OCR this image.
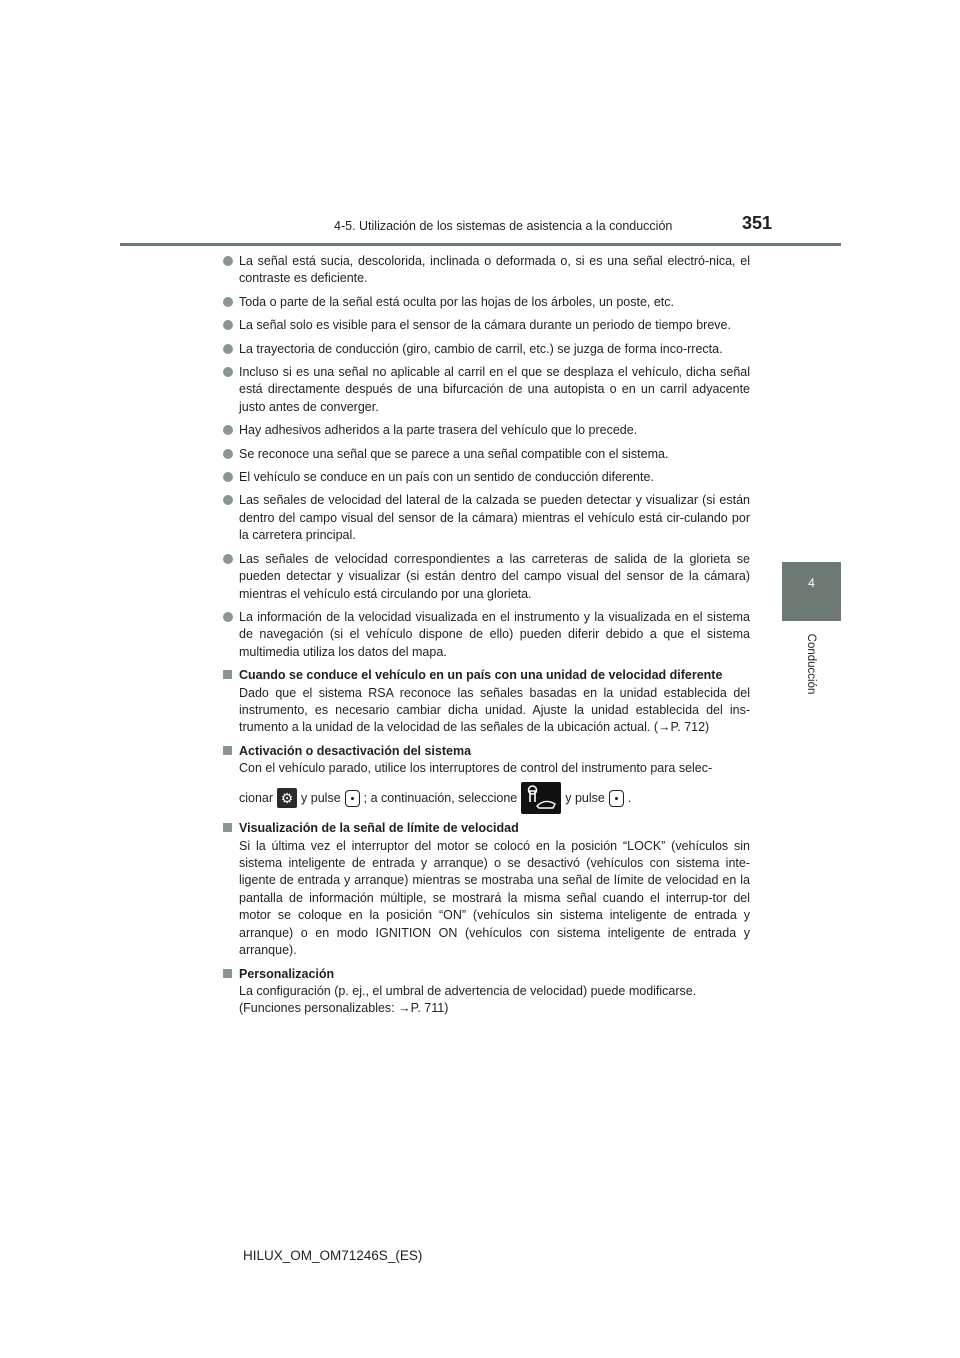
4-5. Utilización de los sistemas de asistencia a la conducción	351
4
Conducción
La señal está sucia, descolorida, inclinada o deformada o, si es una señal electró-nica, el contraste es deficiente.
Toda o parte de la señal está oculta por las hojas de los árboles, un poste, etc.
La señal solo es visible para el sensor de la cámara durante un periodo de tiempo breve.
La trayectoria de conducción (giro, cambio de carril, etc.) se juzga de forma inco-rrecta.
Incluso si es una señal no aplicable al carril en el que se desplaza el vehículo, dicha señal está directamente después de una bifurcación de una autopista o en un carril adyacente justo antes de converger.
Hay adhesivos adheridos a la parte trasera del vehículo que lo precede.
Se reconoce una señal que se parece a una señal compatible con el sistema.
El vehículo se conduce en un país con un sentido de conducción diferente.
Las señales de velocidad del lateral de la calzada se pueden detectar y visualizar (si están dentro del campo visual del sensor de la cámara) mientras el vehículo está cir-culando por la carretera principal.
Las señales de velocidad correspondientes a las carreteras de salida de la glorieta se pueden detectar y visualizar (si están dentro del campo visual del sensor de la cámara) mientras el vehículo está circulando por una glorieta.
La información de la velocidad visualizada en el instrumento y la visualizada en el sistema de navegación (si el vehículo dispone de ello) pueden diferir debido a que el sistema multimedia utiliza los datos del mapa.
Cuando se conduce el vehículo en un país con una unidad de velocidad diferente
Dado que el sistema RSA reconoce las señales basadas en la unidad establecida del instrumento, es necesario cambiar dicha unidad. Ajuste la unidad establecida del ins-trumento a la unidad de la velocidad de las señales de la ubicación actual. (→P. 712)
Activación o desactivación del sistema
Con el vehículo parado, utilice los interruptores de control del instrumento para selec-
cionar ⚙ y pulse ; a continuación, seleccione	y pulse .
Visualización de la señal de límite de velocidad
Si la última vez el interruptor del motor se colocó en la posición “LOCK” (vehículos sin sistema inteligente de entrada y arranque) o se desactivó (vehículos con sistema inte-ligente de entrada y arranque) mientras se mostraba una señal de límite de velocidad en la pantalla de información múltiple, se mostrará la misma señal cuando el interrup-tor del motor se coloque en la posición “ON” (vehículos sin sistema inteligente de entrada y arranque) o en modo IGNITION ON (vehículos con sistema inteligente de entrada y arranque).
Personalización
La configuración (p. ej., el umbral de advertencia de velocidad) puede modificarse.
(Funciones personalizables: →P. 711)
HILUX_OM_OM71246S_(ES)
